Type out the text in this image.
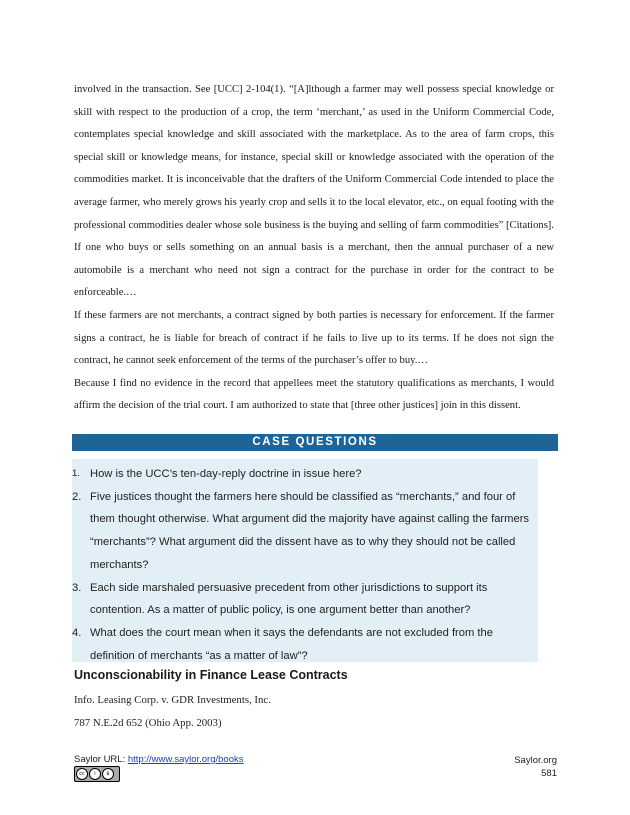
involved in the transaction. See [UCC] 2-104(1). “[A]lthough a farmer may well possess special knowledge or skill with respect to the production of a crop, the term ‘merchant,’ as used in the Uniform Commercial Code, contemplates special knowledge and skill associated with the marketplace. As to the area of farm crops, this special skill or knowledge means, for instance, special skill or knowledge associated with the operation of the commodities market. It is inconceivable that the drafters of the Uniform Commercial Code intended to place the average farmer, who merely grows his yearly crop and sells it to the local elevator, etc., on equal footing with the professional commodities dealer whose sole business is the buying and selling of farm commodities” [Citations]. If one who buys or sells something on an annual basis is a merchant, then the annual purchaser of a new automobile is a merchant who need not sign a contract for the purchase in order for the contract to be enforceable.…

If these farmers are not merchants, a contract signed by both parties is necessary for enforcement. If the farmer signs a contract, he is liable for breach of contract if he fails to live up to its terms. If he does not sign the contract, he cannot seek enforcement of the terms of the purchaser’s offer to buy.…

Because I find no evidence in the record that appellees meet the statutory qualifications as merchants, I would affirm the decision of the trial court. I am authorized to state that [three other justices] join in this dissent.

CASE QUESTIONS
1. How is the UCC’s ten-day-reply doctrine in issue here?
2. Five justices thought the farmers here should be classified as “merchants,” and four of them thought otherwise. What argument did the majority have against calling the farmers “merchants”? What argument did the dissent have as to why they should not be called merchants?
3. Each side marshaled persuasive precedent from other jurisdictions to support its contention. As a matter of public policy, is one argument better than another?
4. What does the court mean when it says the defendants are not excluded from the definition of merchants “as a matter of law”?
Unconscionability in Finance Lease Contracts
Info. Leasing Corp. v. GDR Investments, Inc.
787 N.E.2d 652 (Ohio App. 2003)
Saylor URL: http://www.saylor.org/books
cc	i	$
Saylor.org
581
